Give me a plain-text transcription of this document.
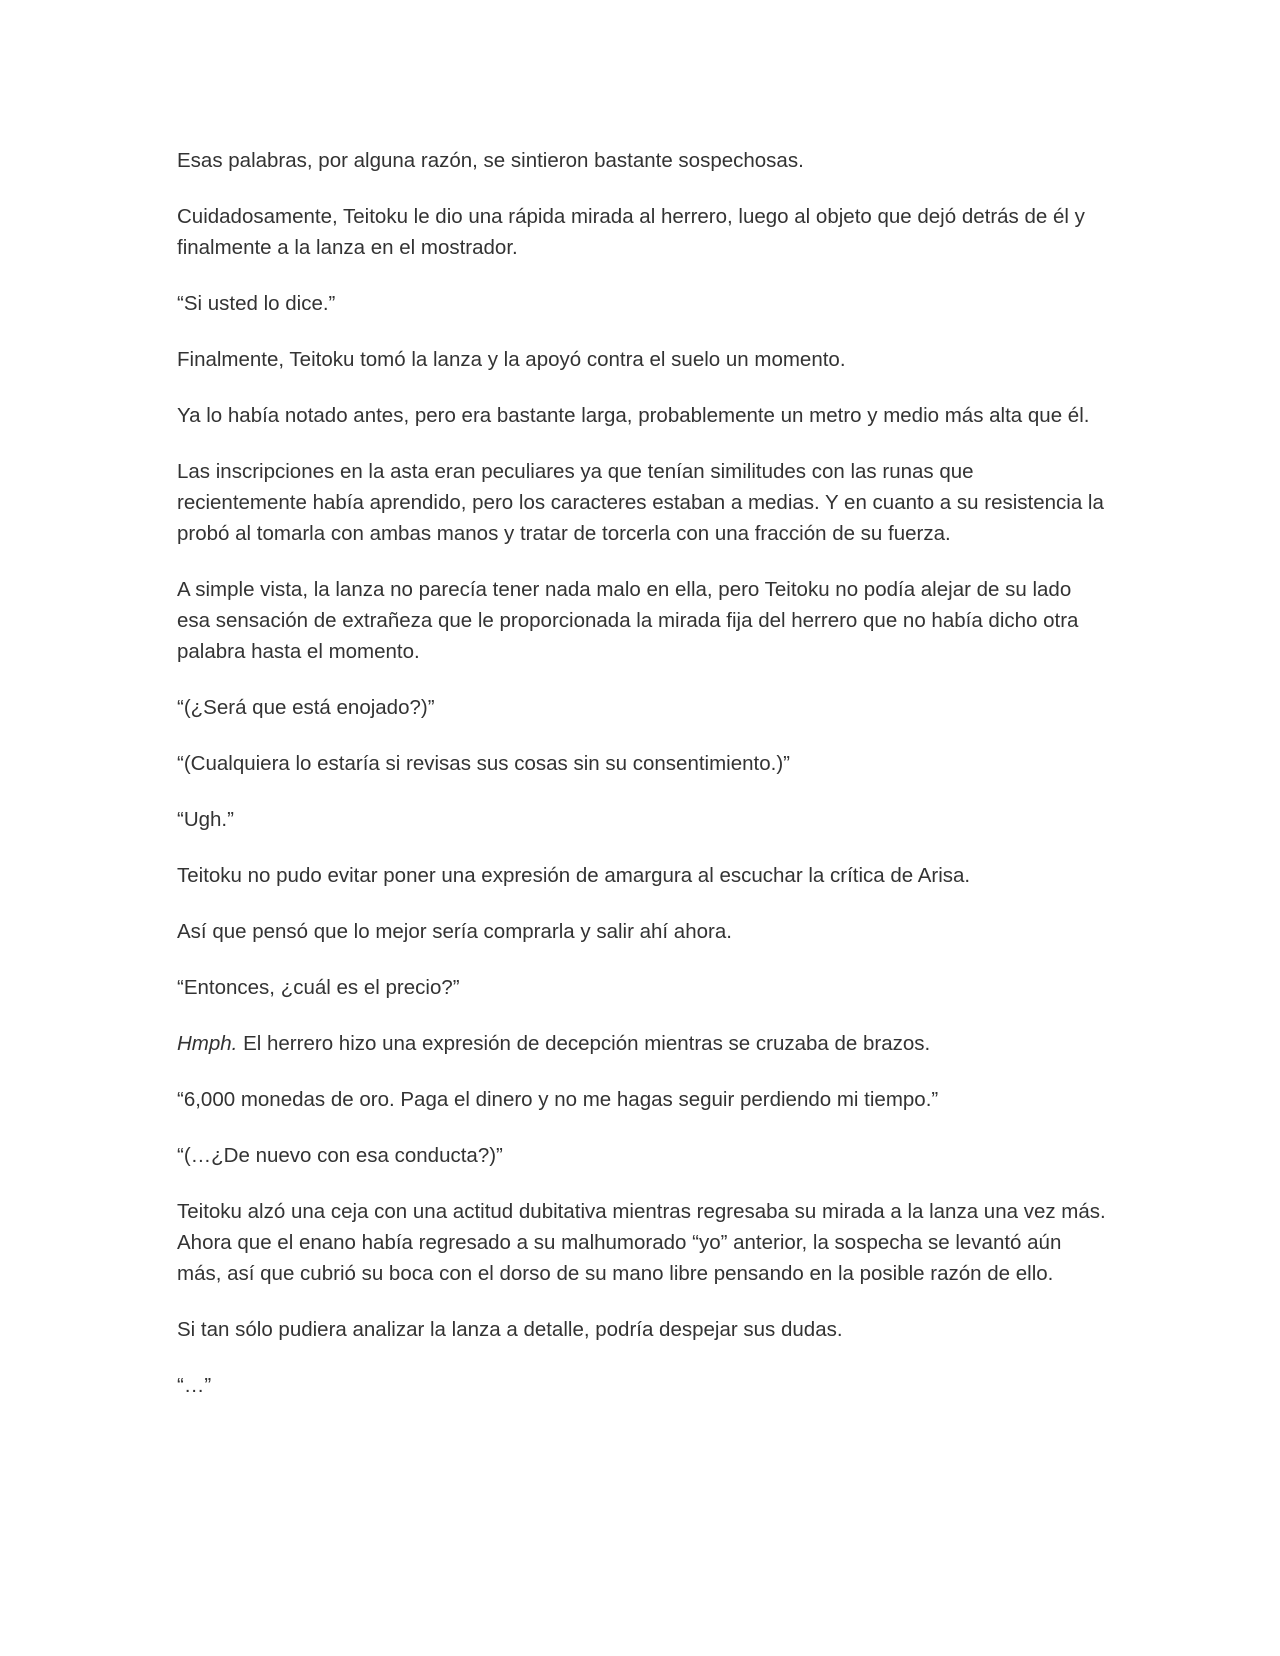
Esas palabras, por alguna razón, se sintieron bastante sospechosas.

Cuidadosamente, Teitoku le dio una rápida mirada al herrero, luego al objeto que dejó detrás de él y finalmente a la lanza en el mostrador.

“Si usted lo dice.”

Finalmente, Teitoku tomó la lanza y la apoyó contra el suelo un momento.

Ya lo había notado antes, pero era bastante larga, probablemente un metro y medio más alta que él.

Las inscripciones en la asta eran peculiares ya que tenían similitudes con las runas que recientemente había aprendido, pero los caracteres estaban a medias. Y en cuanto a su resistencia la probó al tomarla con ambas manos y tratar de torcerla con una fracción de su fuerza.

A simple vista, la lanza no parecía tener nada malo en ella, pero Teitoku no podía alejar de su lado esa sensación de extrañeza que le proporcionada la mirada fija del herrero que no había dicho otra palabra hasta el momento.

“(¿Será que está enojado?)”

“(Cualquiera lo estaría si revisas sus cosas sin su consentimiento.)”

“Ugh.”

Teitoku no pudo evitar poner una expresión de amargura al escuchar la crítica de Arisa.

Así que pensó que lo mejor sería comprarla y salir ahí ahora.

“Entonces, ¿cuál es el precio?”

Hmph. El herrero hizo una expresión de decepción mientras se cruzaba de brazos.

“6,000 monedas de oro. Paga el dinero y no me hagas seguir perdiendo mi tiempo.”

“(…¿De nuevo con esa conducta?)”

Teitoku alzó una ceja con una actitud dubitativa mientras regresaba su mirada a la lanza una vez más. Ahora que el enano había regresado a su malhumorado “yo” anterior, la sospecha se levantó aún más, así que cubrió su boca con el dorso de su mano libre pensando en la posible razón de ello.

Si tan sólo pudiera analizar la lanza a detalle, podría despejar sus dudas.

“…”
